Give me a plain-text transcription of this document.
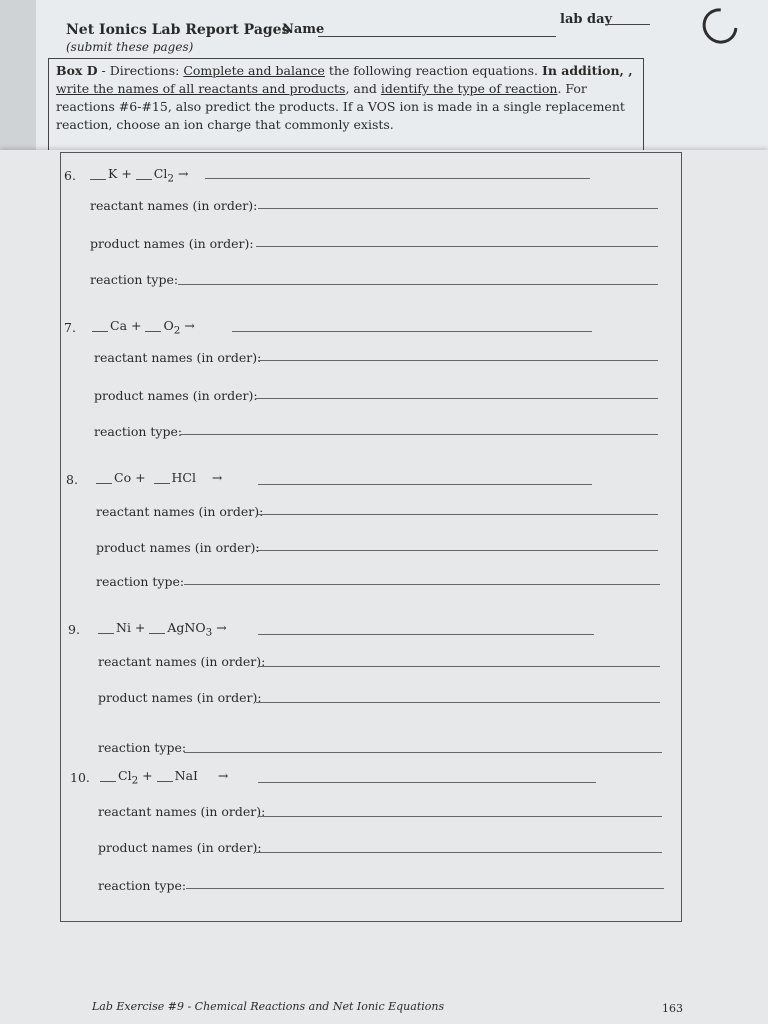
Net Ionics Lab Report Pages
(submit these pages)
Name
lab day
Box D - Directions: Complete and balance the following reaction equations. In addition, , write the names of all reactants and products, and identify the type of reaction. For reactions #6-#15, also predict the products. If a VOS ion is made in a single replacement reaction, choose an ion charge that commonly exists.
6.	$K + Cl_2$ →
reactant names (in order):
product names (in order):
reaction type:
7.	$Ca + O_2$ →
reactant names (in order):
product names (in order):
reaction type:
8.	Co + HCl →
reactant names (in order):
product names (in order):
reaction type:
9.	Ni + AgNO$_3$ →
reactant names (in order):
product names (in order):
reaction type:
10.	$Cl_2$ + NaI →
reactant names (in order):
product names (in order):
reaction type:
Lab Exercise #9 - Chemical Reactions and Net Ionic Equations	163
